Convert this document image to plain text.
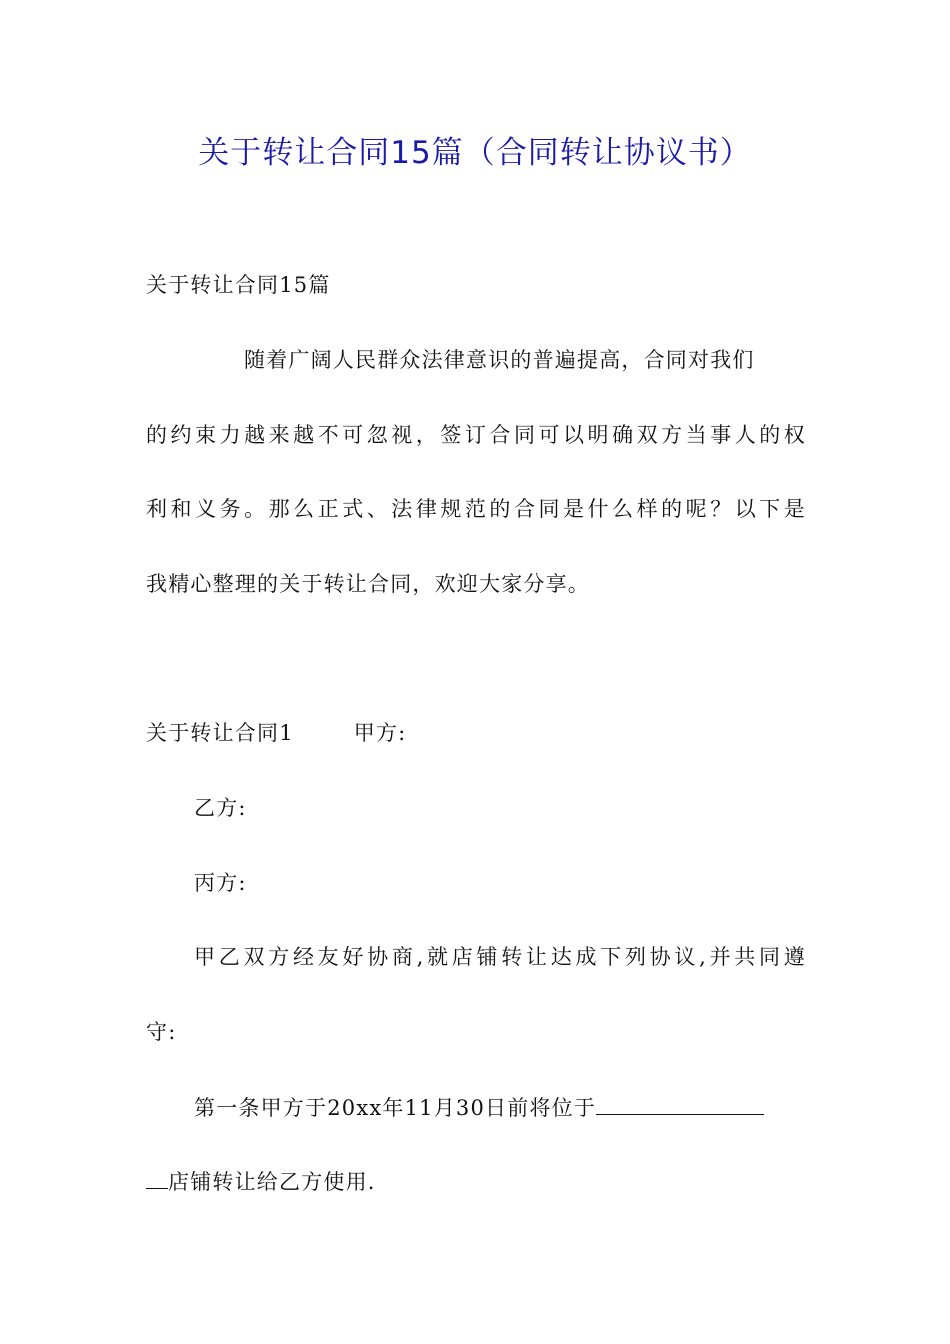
关于转让合同15篇（合同转让协议书）
关于转让合同15篇
随着广阔人民群众法律意识的普遍提高，合同对我们
的约束力越来越不可忽视，签订合同可以明确双方当事人的权
利和义务。那么正式、法律规范的合同是什么样的呢？以下是
我精心整理的关于转让合同，欢迎大家分享。
关于转让合同1	甲方:
乙方:
丙方:
甲乙双方经友好协商,就店铺转让达成下列协议,并共同遵
守:
第一条甲方于20xx年11月30日前将位于
店铺转让给乙方使用.
